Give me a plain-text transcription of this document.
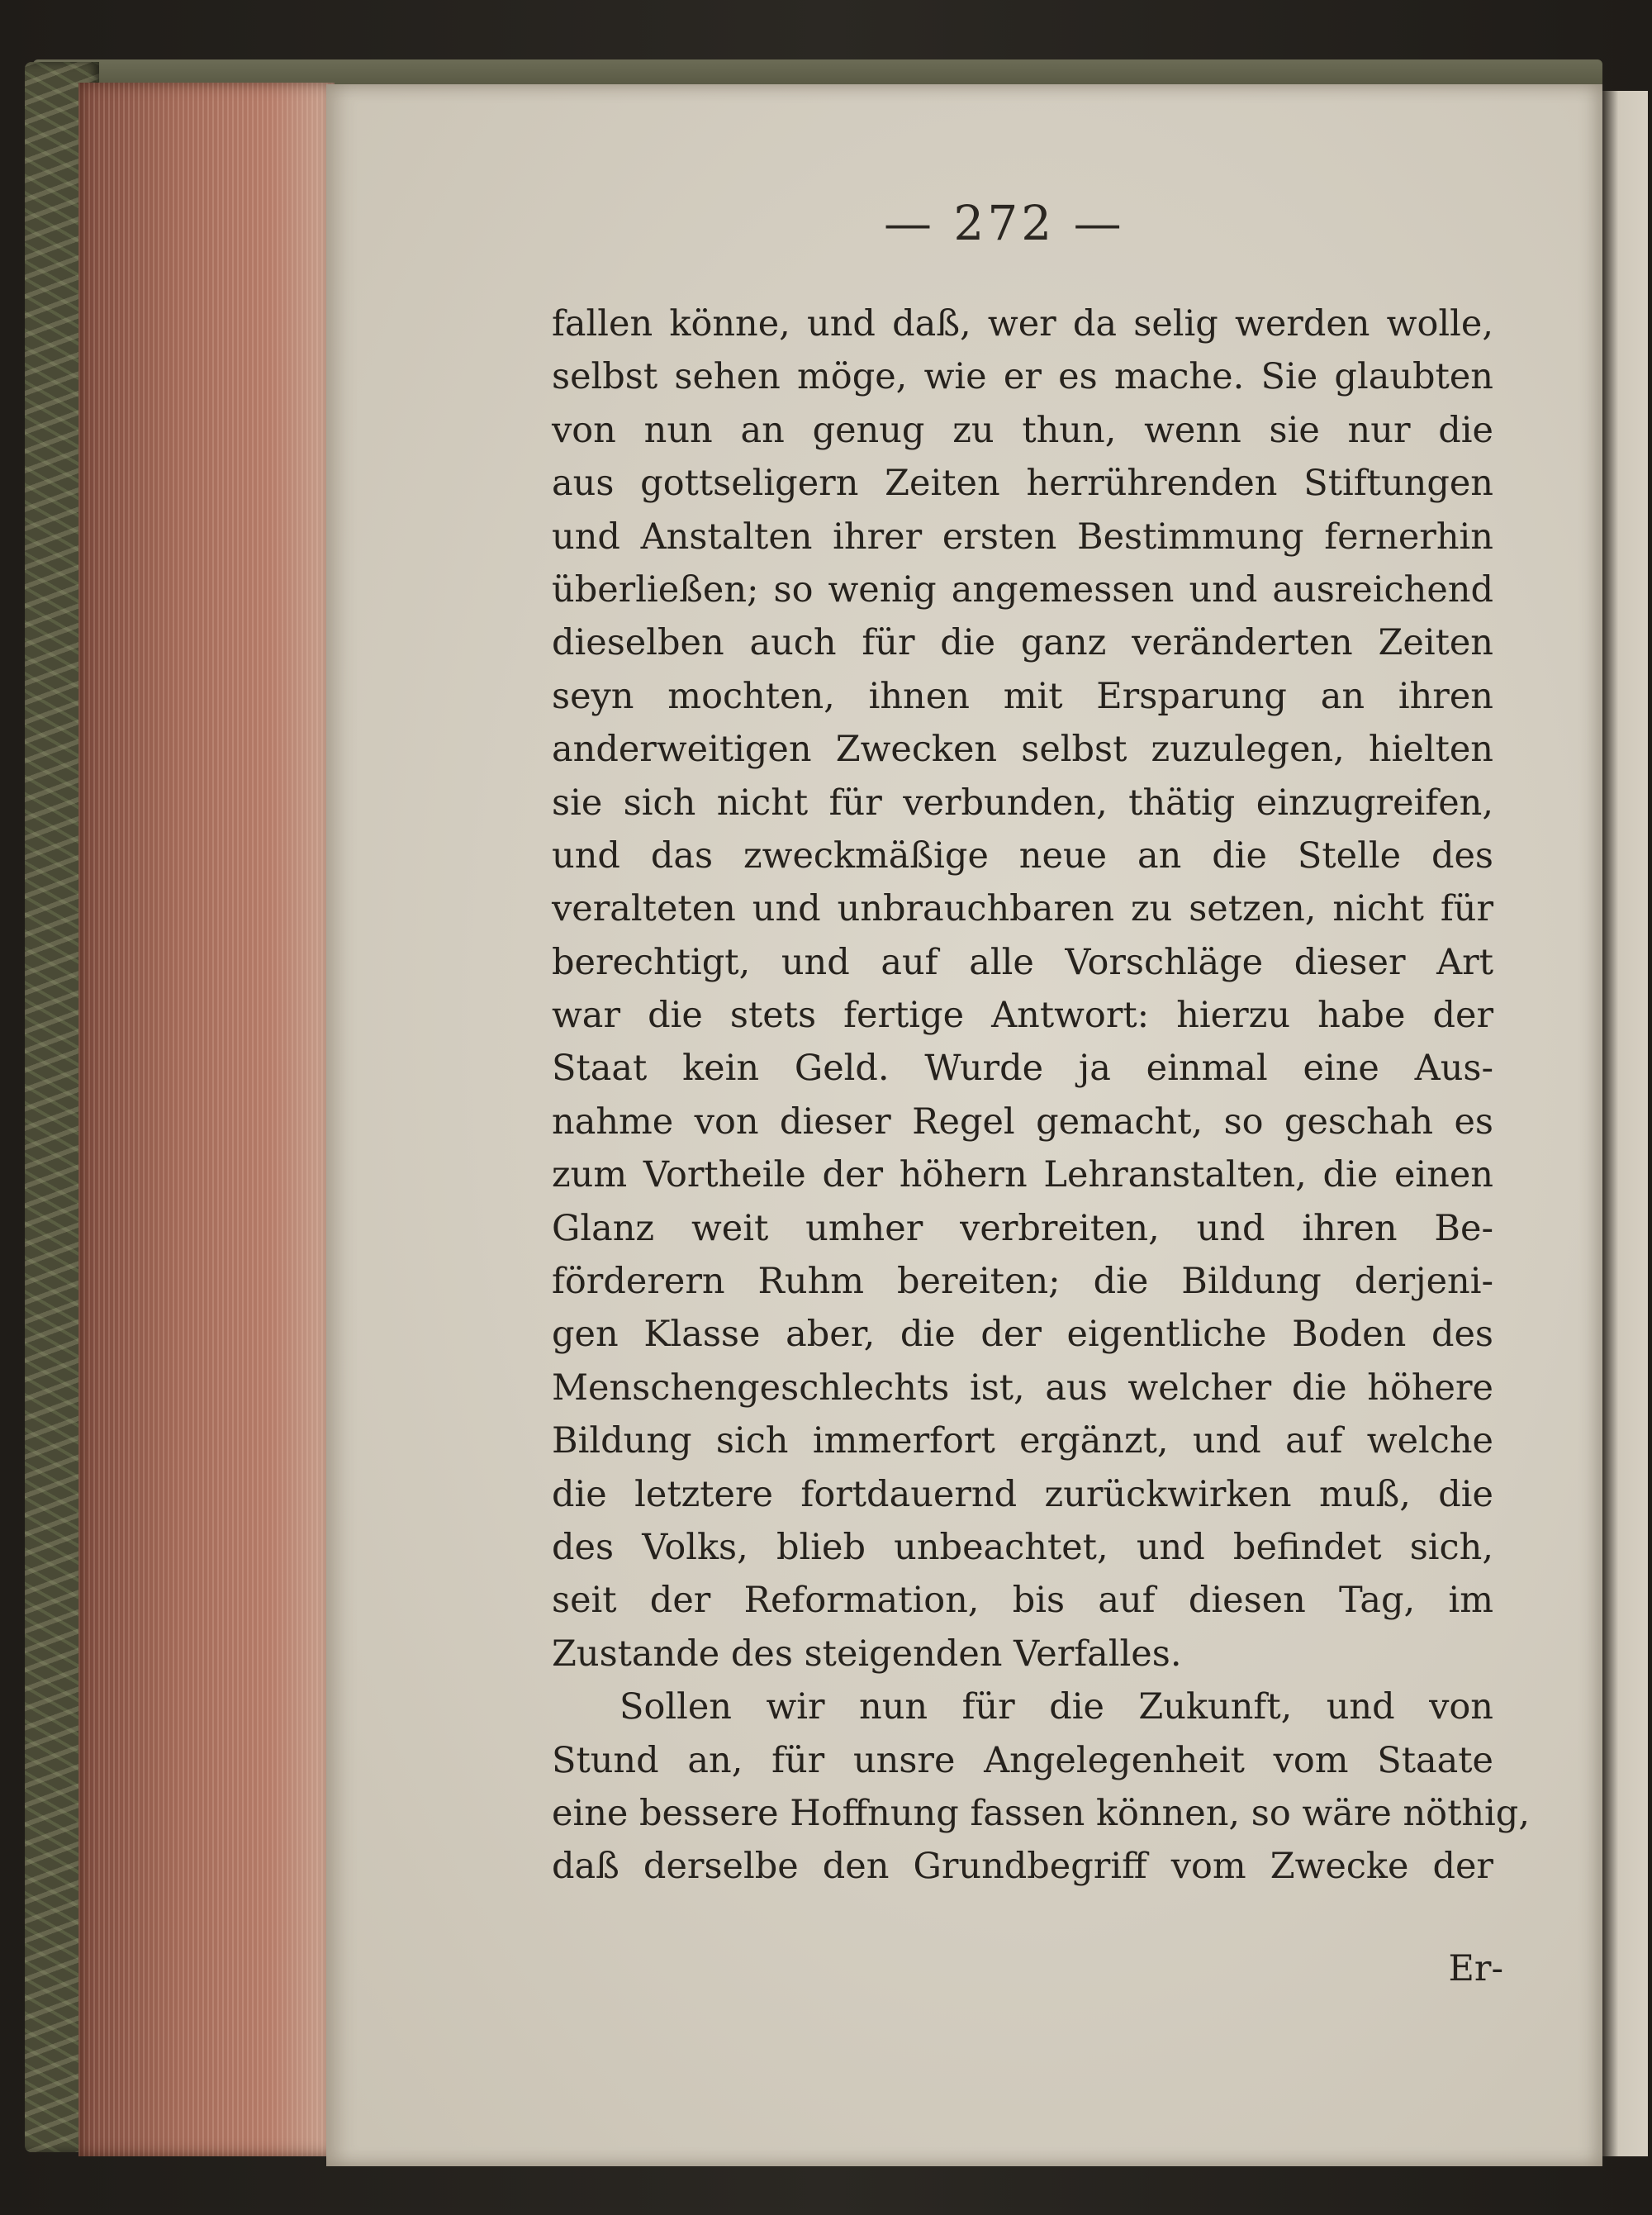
— 272 —
fallen könne, und daß, wer da selig werden wolle,
selbst sehen möge, wie er es mache. Sie glaubten
von nun an genug zu thun, wenn sie nur die
aus gottseligern Zeiten herrührenden Stiftungen
und Anstalten ihrer ersten Bestimmung fernerhin
überließen; so wenig angemessen und ausreichend
dieselben auch für die ganz veränderten Zeiten
seyn mochten, ihnen mit Ersparung an ihren
anderweitigen Zwecken selbst zuzulegen, hielten
sie sich nicht für verbunden, thätig einzugreifen,
und das zweckmäßige neue an die Stelle des
veralteten und unbrauchbaren zu setzen, nicht für
berechtigt, und auf alle Vorschläge dieser Art
war die stets fertige Antwort: hierzu habe der
Staat kein Geld. Wurde ja einmal eine Aus-
nahme von dieser Regel gemacht, so geschah es
zum Vortheile der höhern Lehranstalten, die einen
Glanz weit umher verbreiten, und ihren Be-
förderern Ruhm bereiten; die Bildung derjeni-
gen Klasse aber, die der eigentliche Boden des
Menschengeschlechts ist, aus welcher die höhere
Bildung sich immerfort ergänzt, und auf welche
die letztere fortdauernd zurückwirken muß, die
des Volks, blieb unbeachtet, und befindet sich,
seit der Reformation, bis auf diesen Tag, im
Zustande des steigenden Verfalles.
Sollen wir nun für die Zukunft, und von
Stund an, für unsre Angelegenheit vom Staate
eine bessere Hoffnung fassen können, so wäre nöthig,
daß derselbe den Grundbegriff vom Zwecke der
Er-
